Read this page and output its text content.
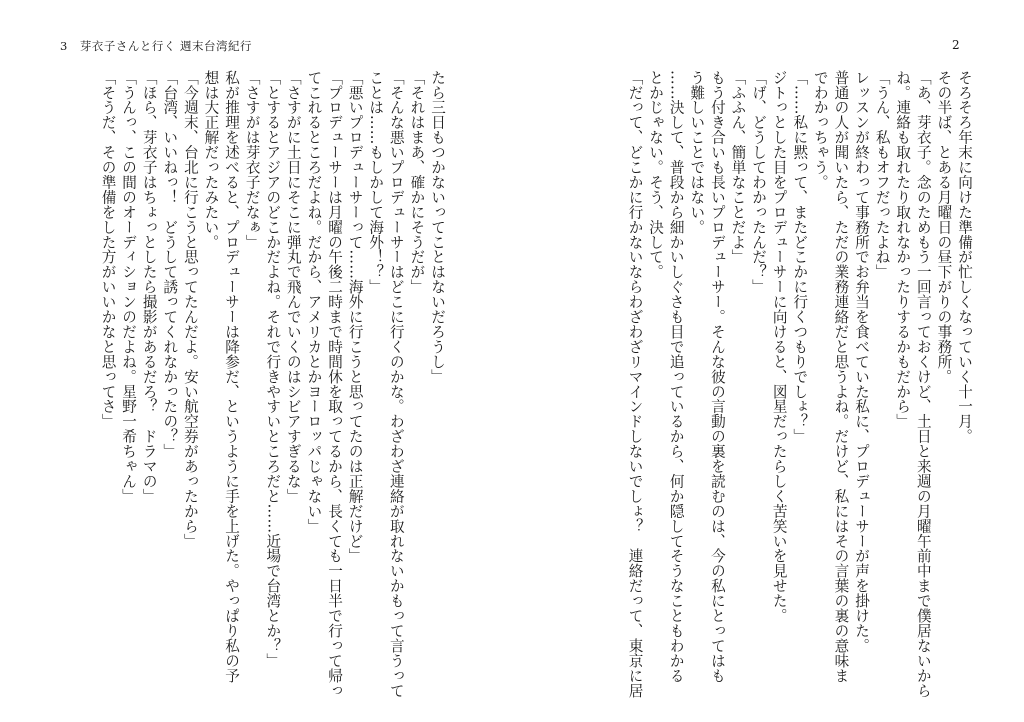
3　芽衣子さんと行く 週末台湾紀行	2
そろそろ年末に向けた準備が忙しくなっていく十一月。
その半ば、とある月曜日の昼下がりの事務所。
「あ、芽衣子。念のためもう一回言っておくけど、土日と来週の月曜午前中まで僕居ないから
ね。連絡も取れたり取れなかったりするかもだから」
「うん、私もオフだったよね」
レッスンが終わって事務所でお弁当を食べていた私に、プロデューサーが声を掛けた。
普通の人が聞いたら、ただの業務連絡だと思うよね。だけど、私にはその言葉の裏の意味ま
でわかっちゃう。
「……私に黙って、またどこかに行くつもりでしょ？」
ジトっとした目をプロデューサーに向けると、図星だったらしく苦笑いを見せた。
「げ、どうしてわかったんだ？」
「ふふん、簡単なことだよ」
もう付き合いも長いプロデューサー。そんな彼の言動の裏を読むのは、今の私にとってはも
う難しいことではない。
……決して、普段から細かいしぐさも目で追っているから、何か隠してそうなこともわかる
とかじゃない。そう、決して。
「だって、どこかに行かないならわざわざリマインドしないでしょ？　連絡だって、東京に居
たら三日もつかないってことはないだろうし」
「それはまあ、確かにそうだが」
「そんな悪いプロデューサーはどこに行くのかな。わざわざ連絡が取れないかもって言うって
ことは……もしかして海外！？」
「悪いプロデューサーって……海外に行こうと思ってたのは正解だけど」
「プロデューサーは月曜の午後二時まで時間休を取ってるから、長くても一日半で行って帰っ
てこれるところだよね。だから、アメリカとかヨーロッパじゃない」
「さすがに土日にそこに弾丸で飛んでいくのはシビアすぎるな」
「とするとアジアのどこかだよね。それで行きやすいところだと……近場で台湾とか？」
「さすがは芽衣子だなぁ」
私が推理を述べると、プロデューサーは降参だ、というように手を上げた。やっぱり私の予
想は大正解だったみたい。
「今週末、台北に行こうと思ってたんだよ。安い航空券があったから」
「台湾、いいねっ！　どうして誘ってくれなかったの？」
「ほら、芽衣子はちょっとしたら撮影があるだろ？　ドラマの」
「うんっ、この間のオーディションのだよね。星野一希ちゃん」
「そうだ、その準備をした方がいいかなと思ってさ」
